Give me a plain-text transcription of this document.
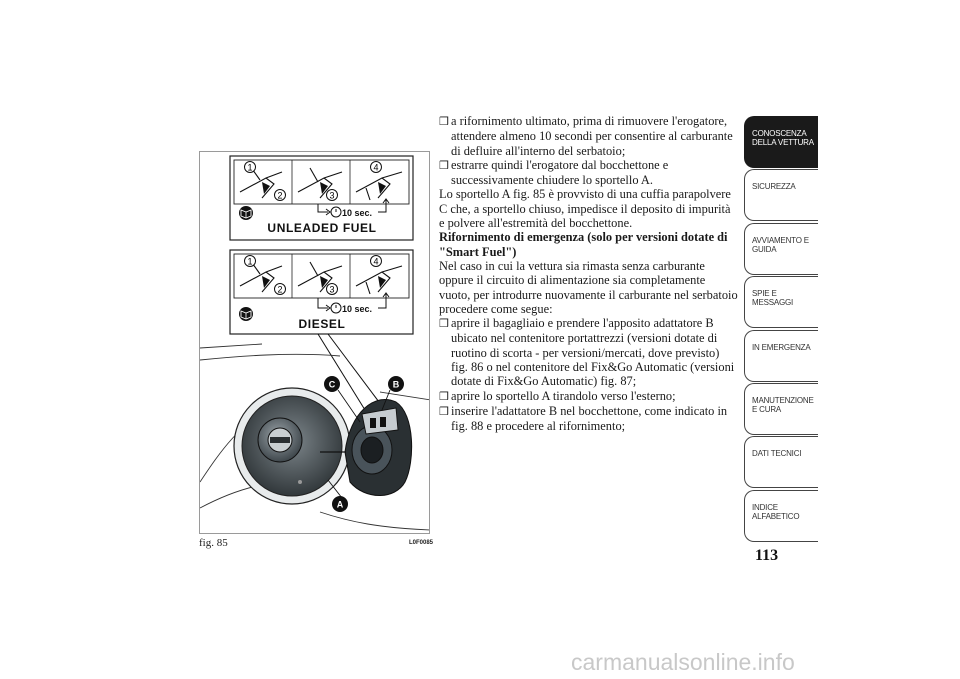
1
2	3
4
10 sec.
UNLEADED FUEL
1
2	3
4
10 sec.
DIESEL
C	B
A
fig. 85	L0F0085

❒ a rifornimento ultimato, prima di rimuovere l'erogatore, attendere almeno 10 secondi per consentire al carburante di defluire all'interno del serbatoio;

❒ estrarre quindi l'erogatore dal bocchettone e successivamente chiudere lo sportello A.

Lo sportello A fig. 85 è provvisto di una cuffia parapolvere C che, a sportello chiuso, impedisce il deposito di impurità e polvere all'estremità del bocchettone.

Rifornimento di emergenza (solo per versioni dotate di "Smart Fuel")

Nel caso in cui la vettura sia rimasta senza carburante oppure il circuito di alimentazione sia completamente vuoto, per introdurre nuovamente il carburante nel serbatoio procedere come segue:

❒ aprire il bagagliaio e prendere l'apposito adattatore B ubicato nel contenitore portattrezzi (versioni dotate di ruotino di scorta - per versioni/mercati, dove previsto) fig. 86 o nel contenitore del Fix&Go Automatic (versioni dotate di Fix&Go Automatic) fig. 87;

❒ aprire lo sportello A tirandolo verso l'esterno;

❒ inserire l'adattatore B nel bocchettone, come indicato in fig. 88 e procedere al rifornimento;

CONOSCENZA DELLA VETTURA
SICUREZZA
AVVIAMENTO E GUIDA
SPIE E MESSAGGI
IN EMERGENZA
MANUTENZIONE E CURA
DATI TECNICI
INDICE ALFABETICO
113
carmanualsonline.info
